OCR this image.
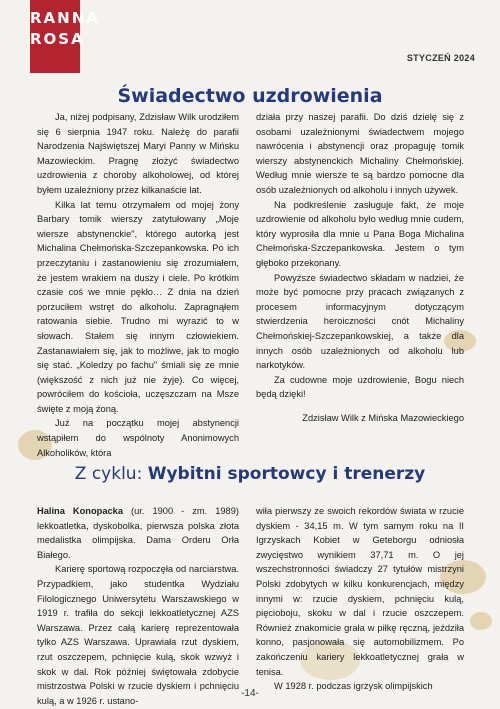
RANNA
ROSA
STYCZEŃ 2024
Świadectwo uzdrowienia

Ja, niżej podpisany, Zdzisław Wilk urodziłem się 6 sierpnia 1947 roku. Należę do parafii Narodzenia Najświętszej Maryi Panny w Mińsku Mazowieckim. Pragnę złożyć świadectwo uzdrowienia z choroby alkoholowej, od której byłem uzależniony przez kilkanaście lat.

Kilka lat temu otrzymałem od mojej żony Barbary tomik wierszy zatytułowany „Moje wiersze abstynenckie", którego autorką jest Michalina Chełmońska-Szczepankowska. Po ich przeczytaniu i zastanowieniu się zrozumiałem, że jestem wrakiem na duszy i ciele. Po krótkim czasie coś we mnie pękło… Z dnia na dzień porzuciłem wstręt do alkoholu. Zapragnąłem ratowania siebie. Trudno mi wyrazić to w słowach. Stałem się innym człowiekiem. Zastanawiałem się, jak to możliwe, jak to mogło się stać. „Koledzy po fachu" śmiali się ze mnie (większość z nich już nie żyje). Co więcej, powróciłem do kościoła, uczęszczam na Msze święte z moją żoną.

Już na początku mojej abstynencji wstąpiłem do wspólnoty Anonimowych Alkoholików, która

działa przy naszej parafii. Do dziś dzielę się z osobami uzależnionymi świadectwem mojego nawrócenia i abstynencji oraz propaguję tomik wierszy abstynenckich Michaliny Chełmońskiej. Według mnie wiersze te są bardzo pomocne dla osób uzależnionych od alkoholu i innych używek.

Na podkreślenie zasługuje fakt, że moje uzdrowienie od alkoholu było według mnie cudem, który wyprosiła dla mnie u Pana Boga Michalina Chełmońska-Szczepankowska. Jestem o tym głęboko przekonany.

Powyższe świadectwo składam w nadziei, że może być pomocne przy pracach związanych z procesem informacyjnym dotyczącym stwierdzenia heroiczności cnót Michaliny Chełmońskiej-Szczepankowskiej, a także dla innych osób uzależnionych od alkoholu lub narkotyków.

Za cudowne moje uzdrowienie, Bogu niech będą dzięki!

Zdzisław Wilk z Mińska Mazowieckiego

Z cyklu: Wybitni sportowcy i trenerzy

Halina Konopacka (ur. 1900 - zm. 1989) lekkoatletka, dyskobolka, pierwsza polska złota medalistka olimpijska. Dama Orderu Orła Białego.

Karierę sportową rozpoczęła od narciarstwa. Przypadkiem, jako studentka Wydziału Filologicznego Uniwersytetu Warszawskiego w 1919 r. trafiła do sekcji lekkoatletycznej AZS Warszawa. Przez całą karierę reprezentowała tylko AZS Warszawa. Uprawiała rzut dyskiem, rzut oszczepem, pchnięcie kulą, skok wzwyż i skok w dal. Rok później świętowała zdobycie mistrzostwa Polski w rzucie dyskiem i pchnięciu kulą, a w 1926 r. ustano-

wiła pierwszy ze swoich rekordów świata w rzucie dyskiem - 34,15 m. W tym samym roku na II Igrzyskach Kobiet w Geteborgu odniosła zwycięstwo wynikiem 37,71 m. O jej wszechstronności świadczy 27 tytułów mistrzyni Polski zdobytych w kilku konkurencjach, między innymi w: rzucie dyskiem, pchnięciu kulą, pięcioboju, skoku w dal i rzucie oszczepem. Również znakomicie grała w piłkę ręczną, jeździła konno, pasjonowała się automobilizmem. Po zakończeniu kariery lekkoatletycznej grała w tenisa.

W 1928 r. podczas igrzysk olimpijskich

-14-
